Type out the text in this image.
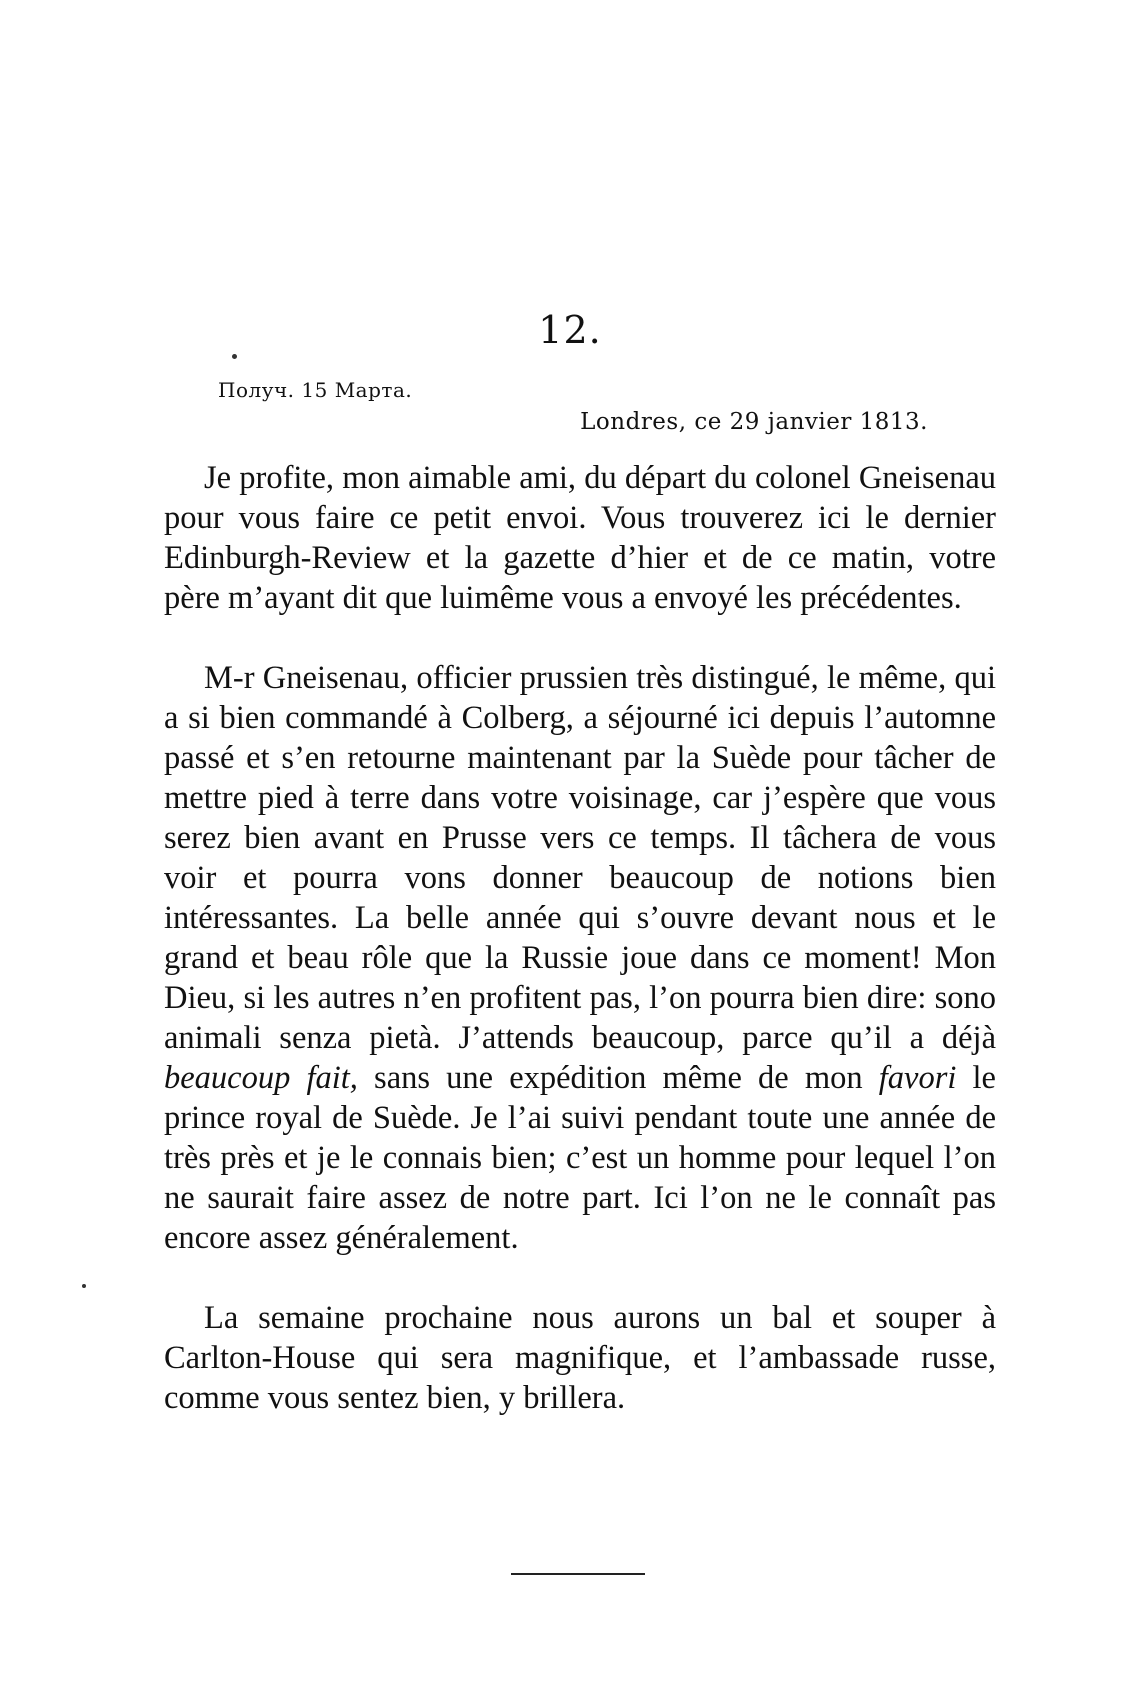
12.
Получ. 15 Марта.
Londres, ce 29 janvier 1813.

Je profite, mon aimable ami, du départ du colonel Gneisenau pour vous faire ce petit envoi. Vous trouverez ici le dernier Edinburgh-Review et la gazette d’hier et de ce matin, votre père m’ayant dit que luimême vous a envoyé les précédentes.

M-r Gneisenau, officier prussien très distingué, le même, qui a si bien commandé à Colberg, a séjourné ici depuis l’automne passé et s’en retourne maintenant par la Suède pour tâcher de mettre pied à terre dans votre voisinage, car j’espère que vous serez bien avant en Prusse vers ce temps. Il tâchera de vous voir et pourra vons donner beaucoup de notions bien intéressantes. La belle année qui s’ouvre devant nous et le grand et beau rôle que la Russie joue dans ce moment! Mon Dieu, si les autres n’en profitent pas, l’on pourra bien dire: sono animali senza pietà. J’attends beaucoup, parce qu’il a déjà beaucoup fait, sans une expédition même de mon favori le prince royal de Suède. Je l’ai suivi pendant toute une année de très près et je le connais bien; c’est un homme pour lequel l’on ne saurait faire assez de notre part. Ici l’on ne le connaît pas encore assez généralement.

La semaine prochaine nous aurons un bal et souper à Carlton-House qui sera magnifique, et l’ambassade russe, comme vous sentez bien, y brillera.
